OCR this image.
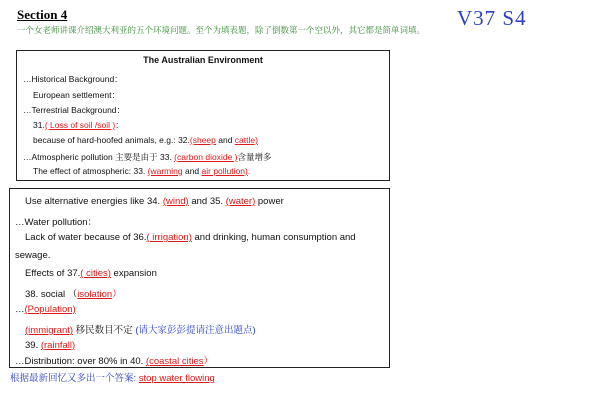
Section 4	V37 S4
一个女老师讲课介绍澳大利亚的五个环境问题。至个为填表题，除了倒数第一个空以外，其它都是简单词填。
The Australian Environment
…Historical Background：
European settlement：
…Terrestrial Background：
31.( Loss of soil /soil )：
because of hard-hoofed animals, e.g.: 32.(sheep and cattle)
…Atmospheric pollution 主要是由于 33. (carbon dioxide )含量增多
The effect of atmospheric: 33. (warming and air pollution).
Use alternative energies like 34. (wind) and 35. (water) power
…Water pollution：
Lack of water because of 36.( irrigation) and drinking, human consumption and
sewage.
Effects of 37.( cities) expansion
38. social （isolation）
…(Population)
(immigrant) 移民数目不定 (请大家彭彭提请注意出题点)
39. (rainfall)
…Distribution: over 80% in 40. (coastal cities）
根据最新回忆又多出一个答案: stop water flowing
